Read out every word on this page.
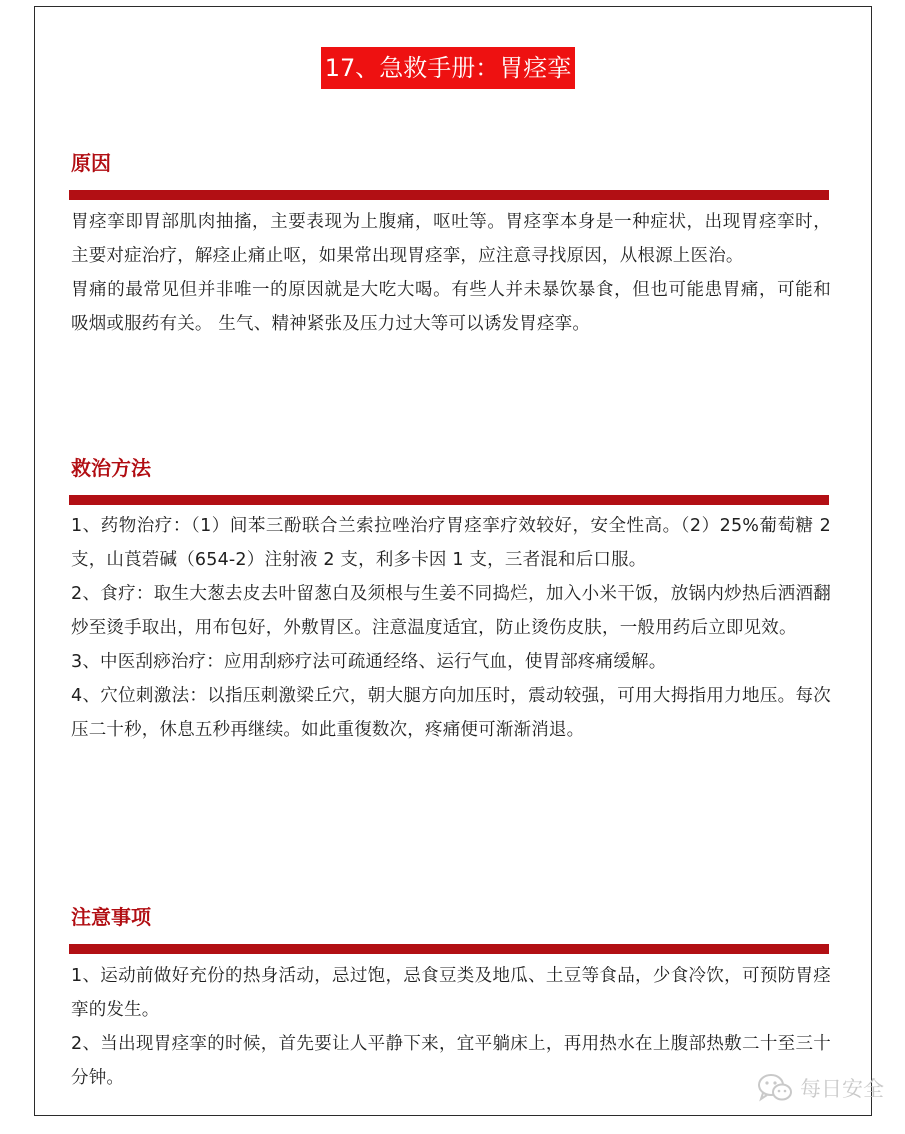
17、急救手册：胃痉挛
原因

胃痉挛即胃部肌肉抽搐，主要表现为上腹痛，呕吐等。胃痉挛本身是一种症状，出现胃痉挛时，主要对症治疗，解痉止痛止呕，如果常出现胃痉挛，应注意寻找原因，从根源上医治。

胃痛的最常见但并非唯一的原因就是大吃大喝。有些人并未暴饮暴食，但也可能患胃痛，可能和吸烟或服药有关。 生气、精神紧张及压力过大等可以诱发胃痉挛。

救治方法

1、药物治疗：（1）间苯三酚联合兰索拉唑治疗胃痉挛疗效较好，安全性高。（2）25%葡萄糖 2 支，山莨菪碱（654-2）注射液 2 支，利多卡因 1 支，三者混和后口服。

2、食疗：取生大葱去皮去叶留葱白及须根与生姜不同捣烂，加入小米干饭，放锅内炒热后洒酒翻炒至烫手取出，用布包好，外敷胃区。注意温度适宜，防止烫伤皮肤，一般用药后立即见效。

3、中医刮痧治疗：应用刮痧疗法可疏通经络、运行气血，使胃部疼痛缓解。

4、穴位刺激法：以指压刺激梁丘穴，朝大腿方向加压时，震动较强，可用大拇指用力地压。每次压二十秒，休息五秒再继续。如此重復数次，疼痛便可渐渐消退。

注意事项

1、运动前做好充份的热身活动，忌过饱，忌食豆类及地瓜、土豆等食品，少食冷饮，可预防胃痉挛的发生。

2、当出现胃痉挛的时候，首先要让人平静下来，宜平躺床上，再用热水在上腹部热敷二十至三十分钟。	每日安全
